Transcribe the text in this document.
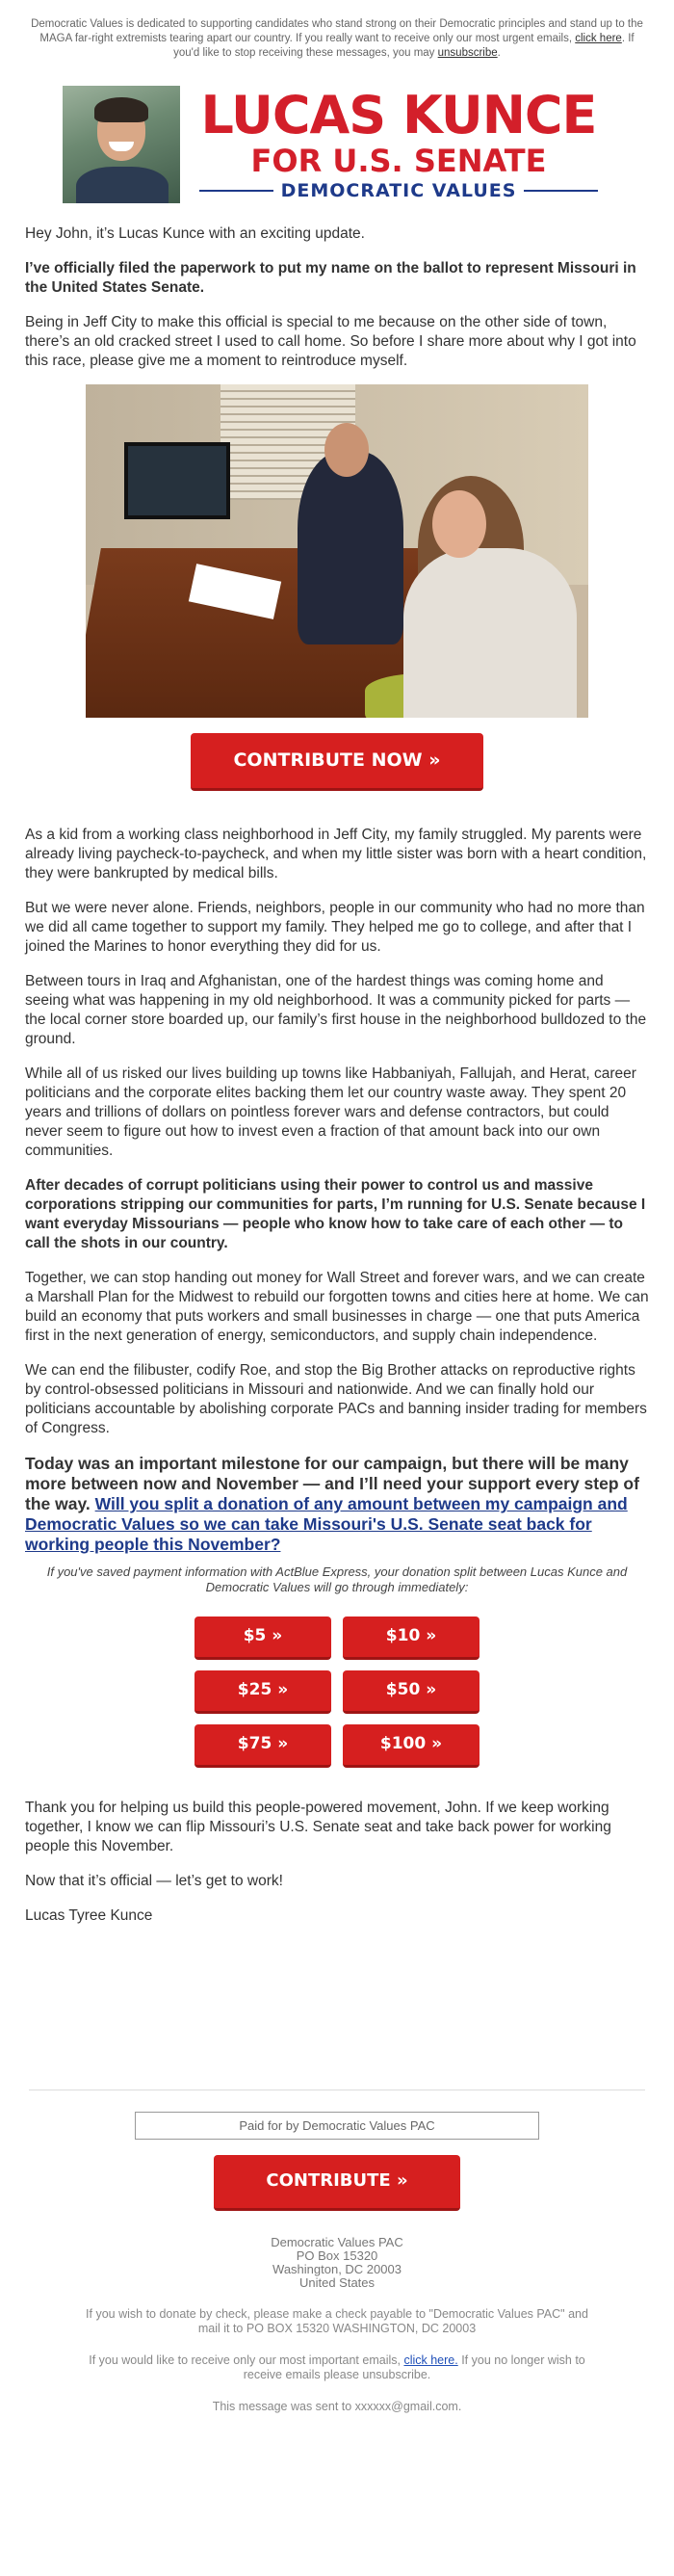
Democratic Values is dedicated to supporting candidates who stand strong on their Democratic principles and stand up to the MAGA far-right extremists tearing apart our country. If you really want to receive only our most urgent emails, click here. If you'd like to stop receiving these messages, you may unsubscribe.
LUCAS KUNCE
FOR U.S. SENATE
DEMOCRATIC VALUES

Hey John, it’s Lucas Kunce with an exciting update.

I’ve officially filed the paperwork to put my name on the ballot to represent Missouri in the United States Senate.

Being in Jeff City to make this official is special to me because on the other side of town, there’s an old cracked street I used to call home. So before I share more about why I got into this race, please give me a moment to reintroduce myself.

CONTRIBUTE NOW »

As a kid from a working class neighborhood in Jeff City, my family struggled. My parents were already living paycheck-to-paycheck, and when my little sister was born with a heart condition, they were bankrupted by medical bills.

But we were never alone. Friends, neighbors, people in our community who had no more than we did all came together to support my family. They helped me go to college, and after that I joined the Marines to honor everything they did for us.

Between tours in Iraq and Afghanistan, one of the hardest things was coming home and seeing what was happening in my old neighborhood. It was a community picked for parts — the local corner store boarded up, our family’s first house in the neighborhood bulldozed to the ground.

While all of us risked our lives building up towns like Habbaniyah, Fallujah, and Herat, career politicians and the corporate elites backing them let our country waste away. They spent 20 years and trillions of dollars on pointless forever wars and defense contractors, but could never seem to figure out how to invest even a fraction of that amount back into our own communities.

After decades of corrupt politicians using their power to control us and massive corporations stripping our communities for parts, I’m running for U.S. Senate because I want everyday Missourians — people who know how to take care of each other — to call the shots in our country.

Together, we can stop handing out money for Wall Street and forever wars, and we can create a Marshall Plan for the Midwest to rebuild our forgotten towns and cities here at home. We can build an economy that puts workers and small businesses in charge — one that puts America first in the next generation of energy, semiconductors, and supply chain independence.

We can end the filibuster, codify Roe, and stop the Big Brother attacks on reproductive rights by control-obsessed politicians in Missouri and nationwide. And we can finally hold our politicians accountable by abolishing corporate PACs and banning insider trading for members of Congress.

Today was an important milestone for our campaign, but there will be many more between now and November — and I’ll need your support every step of the way. Will you split a donation of any amount between my campaign and Democratic Values so we can take Missouri's U.S. Senate seat back for working people this November?

If you've saved payment information with ActBlue Express, your donation split between Lucas Kunce and Democratic Values will go through immediately:

$5 »	$10 »
$25 »	$50 »
$75 »	$100 »

Thank you for helping us build this people-powered movement, John. If we keep working together, I know we can flip Missouri’s U.S. Senate seat and take back power for working people this November.

Now that it’s official — let’s get to work!

Lucas Tyree Kunce

Paid for by Democratic Values PAC
CONTRIBUTE »
Democratic Values PAC
PO Box 15320
Washington, DC 20003
United States

If you wish to donate by check, please make a check payable to "Democratic Values PAC" and mail it to PO BOX 15320 WASHINGTON, DC 20003

If you would like to receive only our most important emails, click here. If you no longer wish to receive emails please unsubscribe.

This message was sent to xxxxxx@gmail.com.
